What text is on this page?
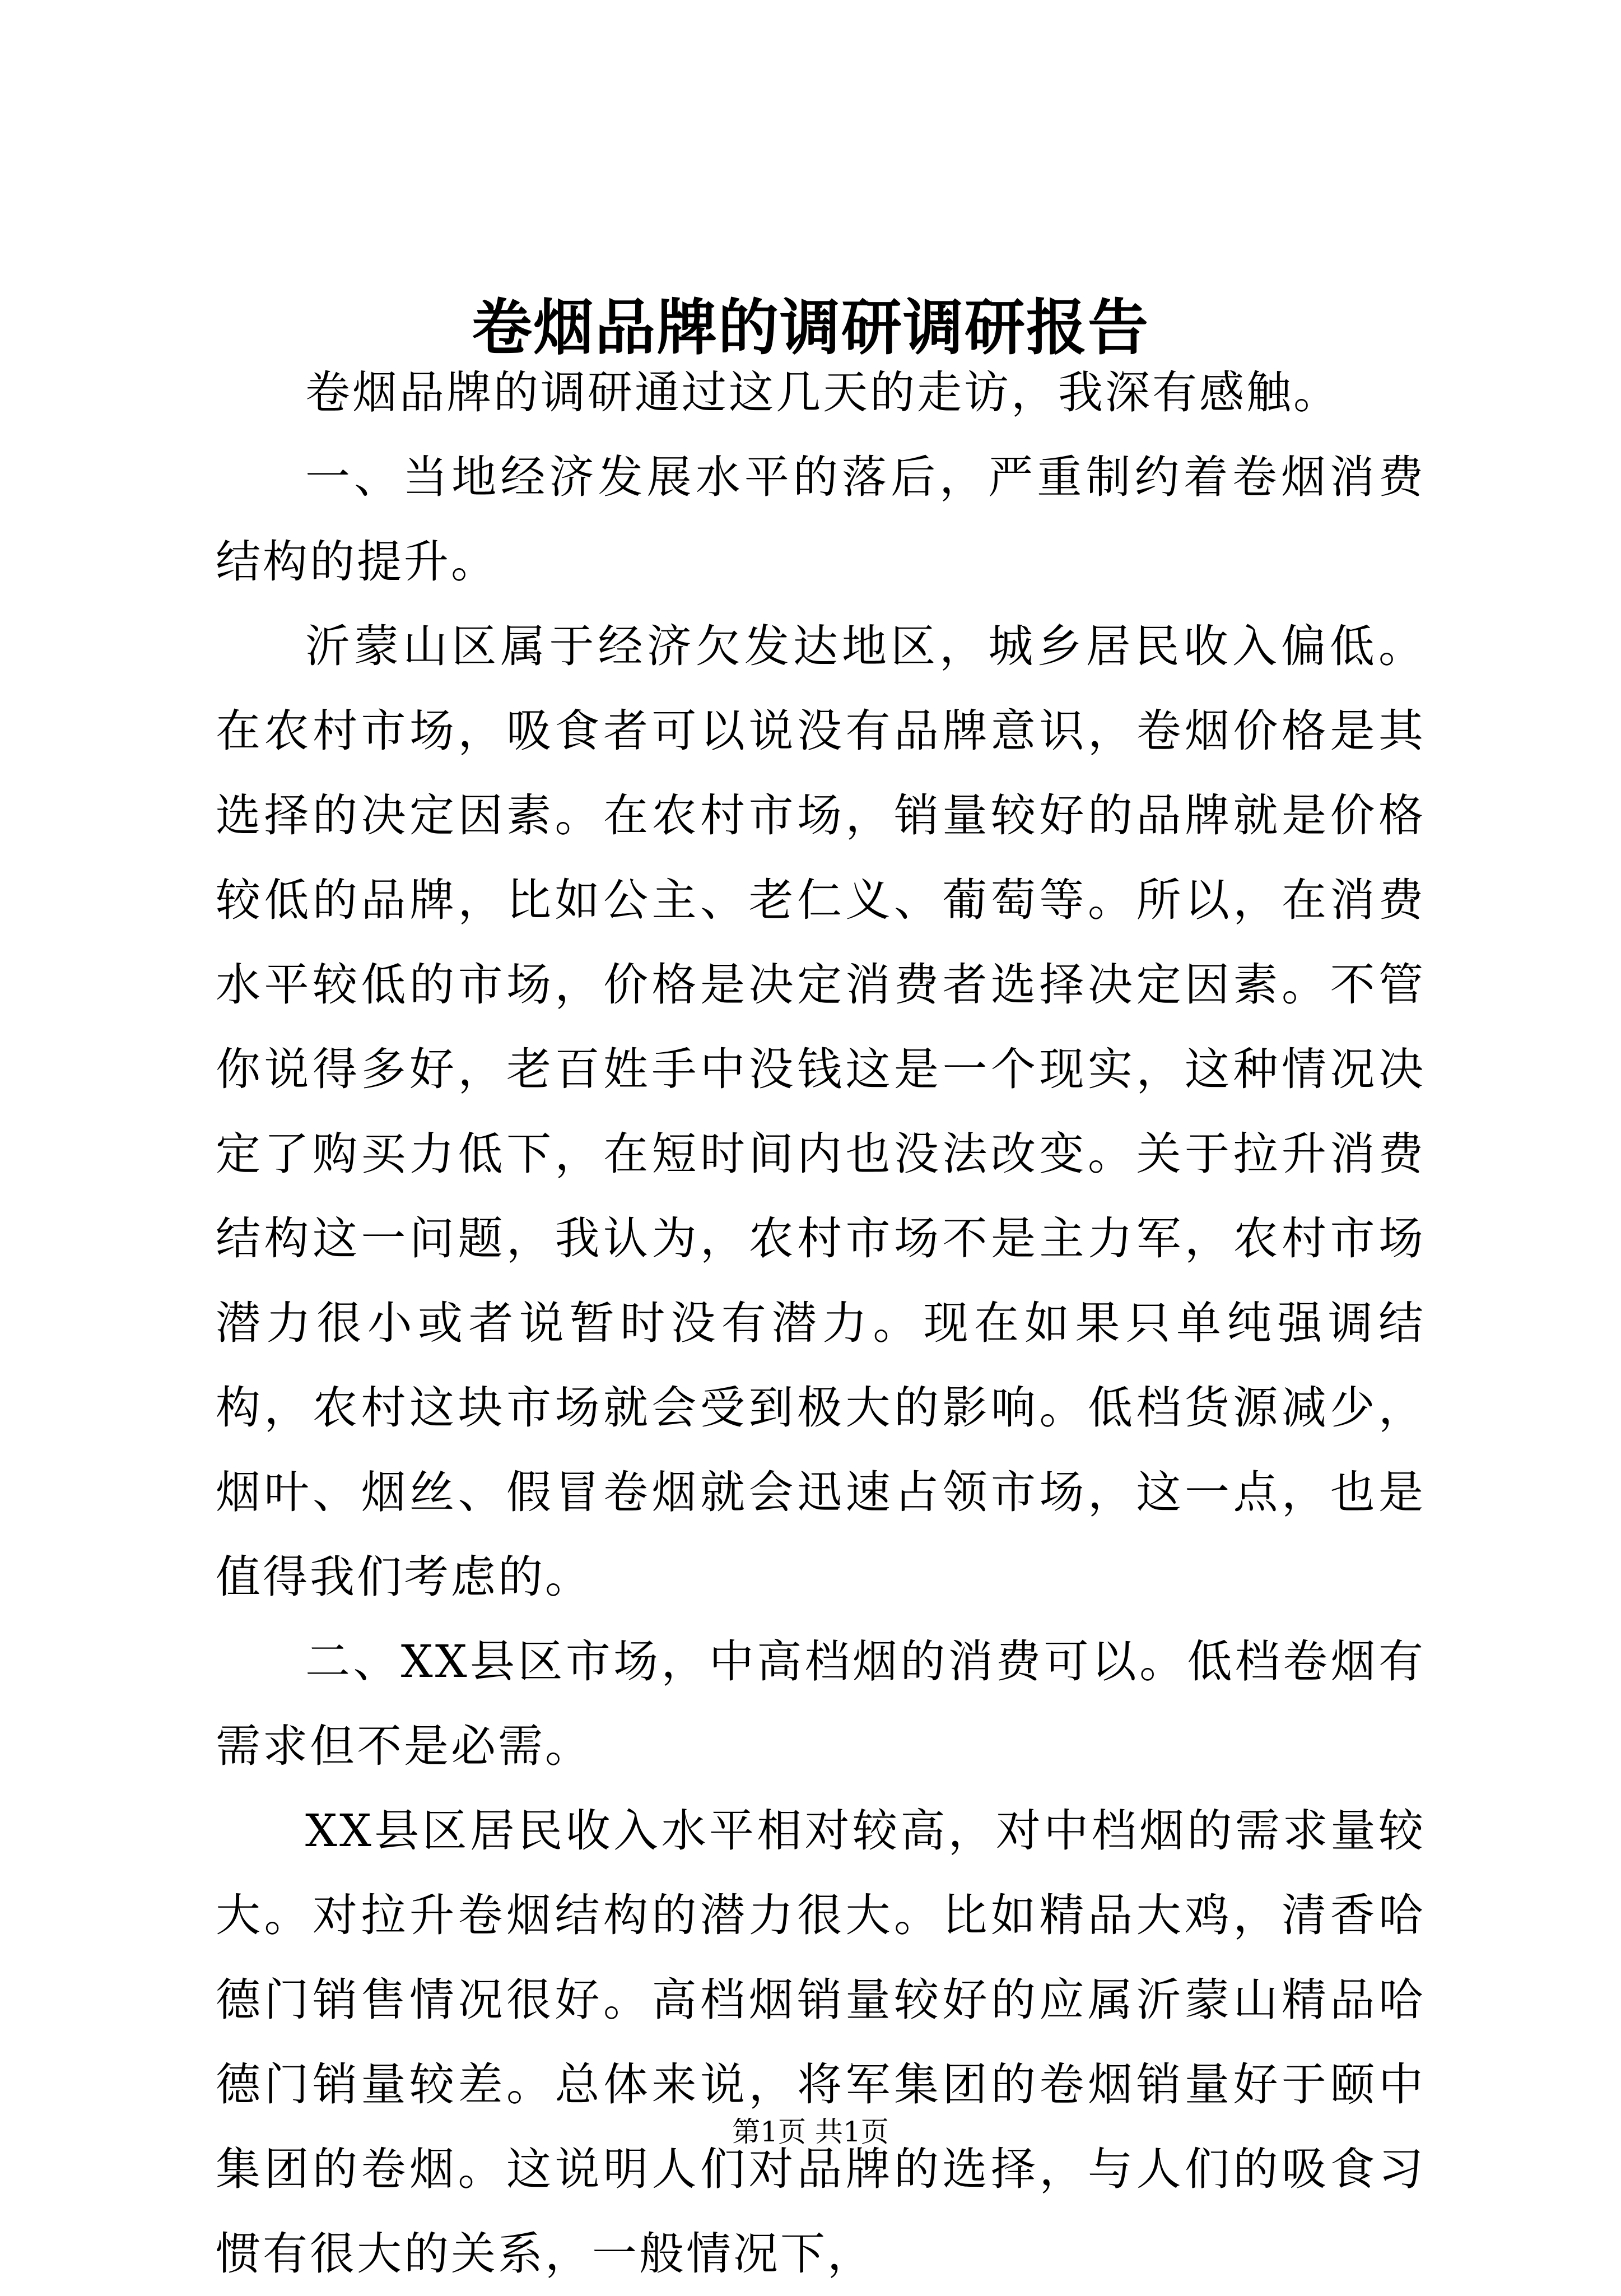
卷烟品牌的调研调研报告

卷烟品牌的调研通过这几天的走访，我深有感触。

一、当地经济发展水平的落后，严重制约着卷烟消费结构的提升。

沂蒙山区属于经济欠发达地区，城乡居民收入偏低。在农村市场，吸食者可以说没有品牌意识，卷烟价格是其选择的决定因素。在农村市场，销量较好的品牌就是价格较低的品牌，比如公主、老仁义、葡萄等。所以，在消费水平较低的市场，价格是决定消费者选择决定因素。不管你说得多好，老百姓手中没钱这是一个现实，这种情况决定了购买力低下，在短时间内也没法改变。关于拉升消费结构这一问题，我认为，农村市场不是主力军，农村市场潜力很小或者说暂时没有潜力。现在如果只单纯强调结构，农村这块市场就会受到极大的影响。低档货源减少，烟叶、烟丝、假冒卷烟就会迅速占领市场，这一点，也是值得我们考虑的。

二、XX县区市场，中高档烟的消费可以。低档卷烟有需求但不是必需。

XX县区居民收入水平相对较高，对中档烟的需求量较大。对拉升卷烟结构的潜力很大。比如精品大鸡，清香哈德门销售情况很好。高档烟销量较好的应属沂蒙山精品哈德门销量较差。总体来说，将军集团的卷烟销量好于颐中集团的卷烟。这说明人们对品牌的选择，与人们的吸食习惯有很大的关系，一般情况下，

第1页 共1页
